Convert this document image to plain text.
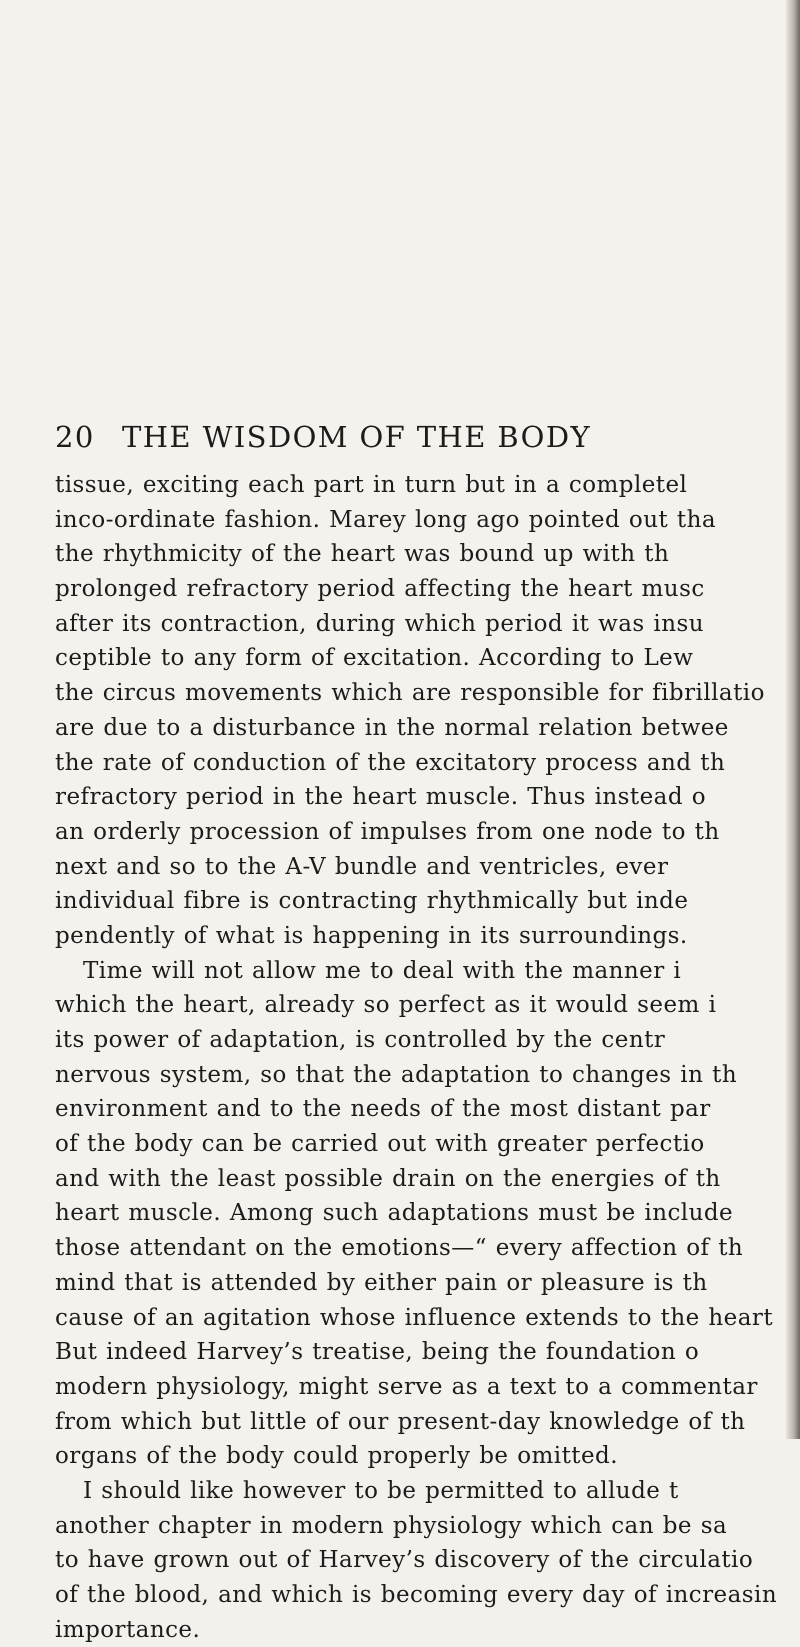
20 THE WISDOM OF THE BODY
tissue, exciting each part in turn but in a completel
inco-ordinate fashion. Marey long ago pointed out tha
the rhythmicity of the heart was bound up with th
prolonged refractory period affecting the heart musc
after its contraction, during which period it was insu
ceptible to any form of excitation. According to Lew
the circus movements which are responsible for fibrillatio
are due to a disturbance in the normal relation betwee
the rate of conduction of the excitatory process and th
refractory period in the heart muscle. Thus instead o
an orderly procession of impulses from one node to th
next and so to the A-V bundle and ventricles, ever
individual fibre is contracting rhythmically but inde
pendently of what is happening in its surroundings.
Time will not allow me to deal with the manner i
which the heart, already so perfect as it would seem i
its power of adaptation, is controlled by the centr
nervous system, so that the adaptation to changes in th
environment and to the needs of the most distant par
of the body can be carried out with greater perfectio
and with the least possible drain on the energies of th
heart muscle. Among such adaptations must be include
those attendant on the emotions—“ every affection of th
mind that is attended by either pain or pleasure is th
cause of an agitation whose influence extends to the heart
But indeed Harvey’s treatise, being the foundation o
modern physiology, might serve as a text to a commentar
from which but little of our present-day knowledge of th
organs of the body could properly be omitted.
I should like however to be permitted to allude t
another chapter in modern physiology which can be sa
to have grown out of Harvey’s discovery of the circulatio
of the blood, and which is becoming every day of increasin
importance.
